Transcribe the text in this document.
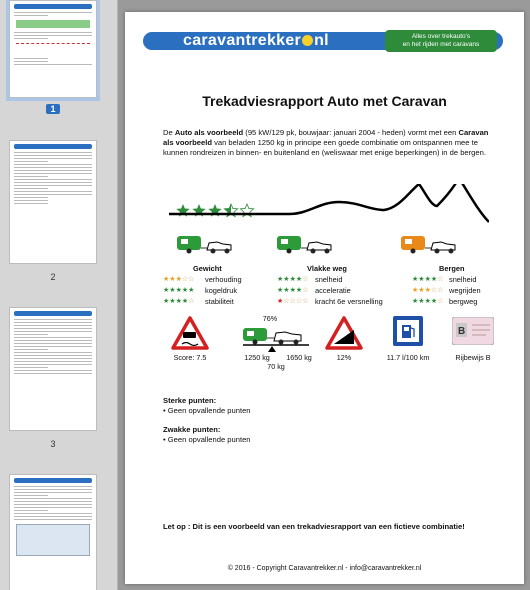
1
2
3
caravantrekker nl	Alles over trekauto's
en het rijden met caravans
Trekadviesrapport Auto met Caravan
De Auto als voorbeeld (95 kW/129 pk, bouwjaar: januari 2004 - heden) vormt met een Caravan als voorbeeld van beladen 1250 kg in principe een goede combinatie om ontspannen mee te kunnen rondreizen in binnen- en buitenland en (weliswaar met enige beperkingen) in de bergen.
Gewicht	Vlakke weg	Bergen
★★★☆☆ verhouding
★★★★★ kogeldruk
★★★★☆ stabiliteit
★★★★☆ snelheid
★★★★☆ acceleratie
★☆☆☆☆ kracht 6e versnelling
★★★★☆ snelheid
★★★☆☆ wegrijden
★★★★☆ bergweg
Score: 7.5
76%
1250 kg	1650 kg
70 kg
12%	11.7 l/100 km
B
Rijbewijs B
Sterke punten:
• Geen opvallende punten
Zwakke punten:
• Geen opvallende punten
Let op : Dit is een voorbeeld van een trekadviesrapport van een fictieve combinatie!
© 2016 - Copyright Caravantrekker.nl - info@caravantrekker.nl
